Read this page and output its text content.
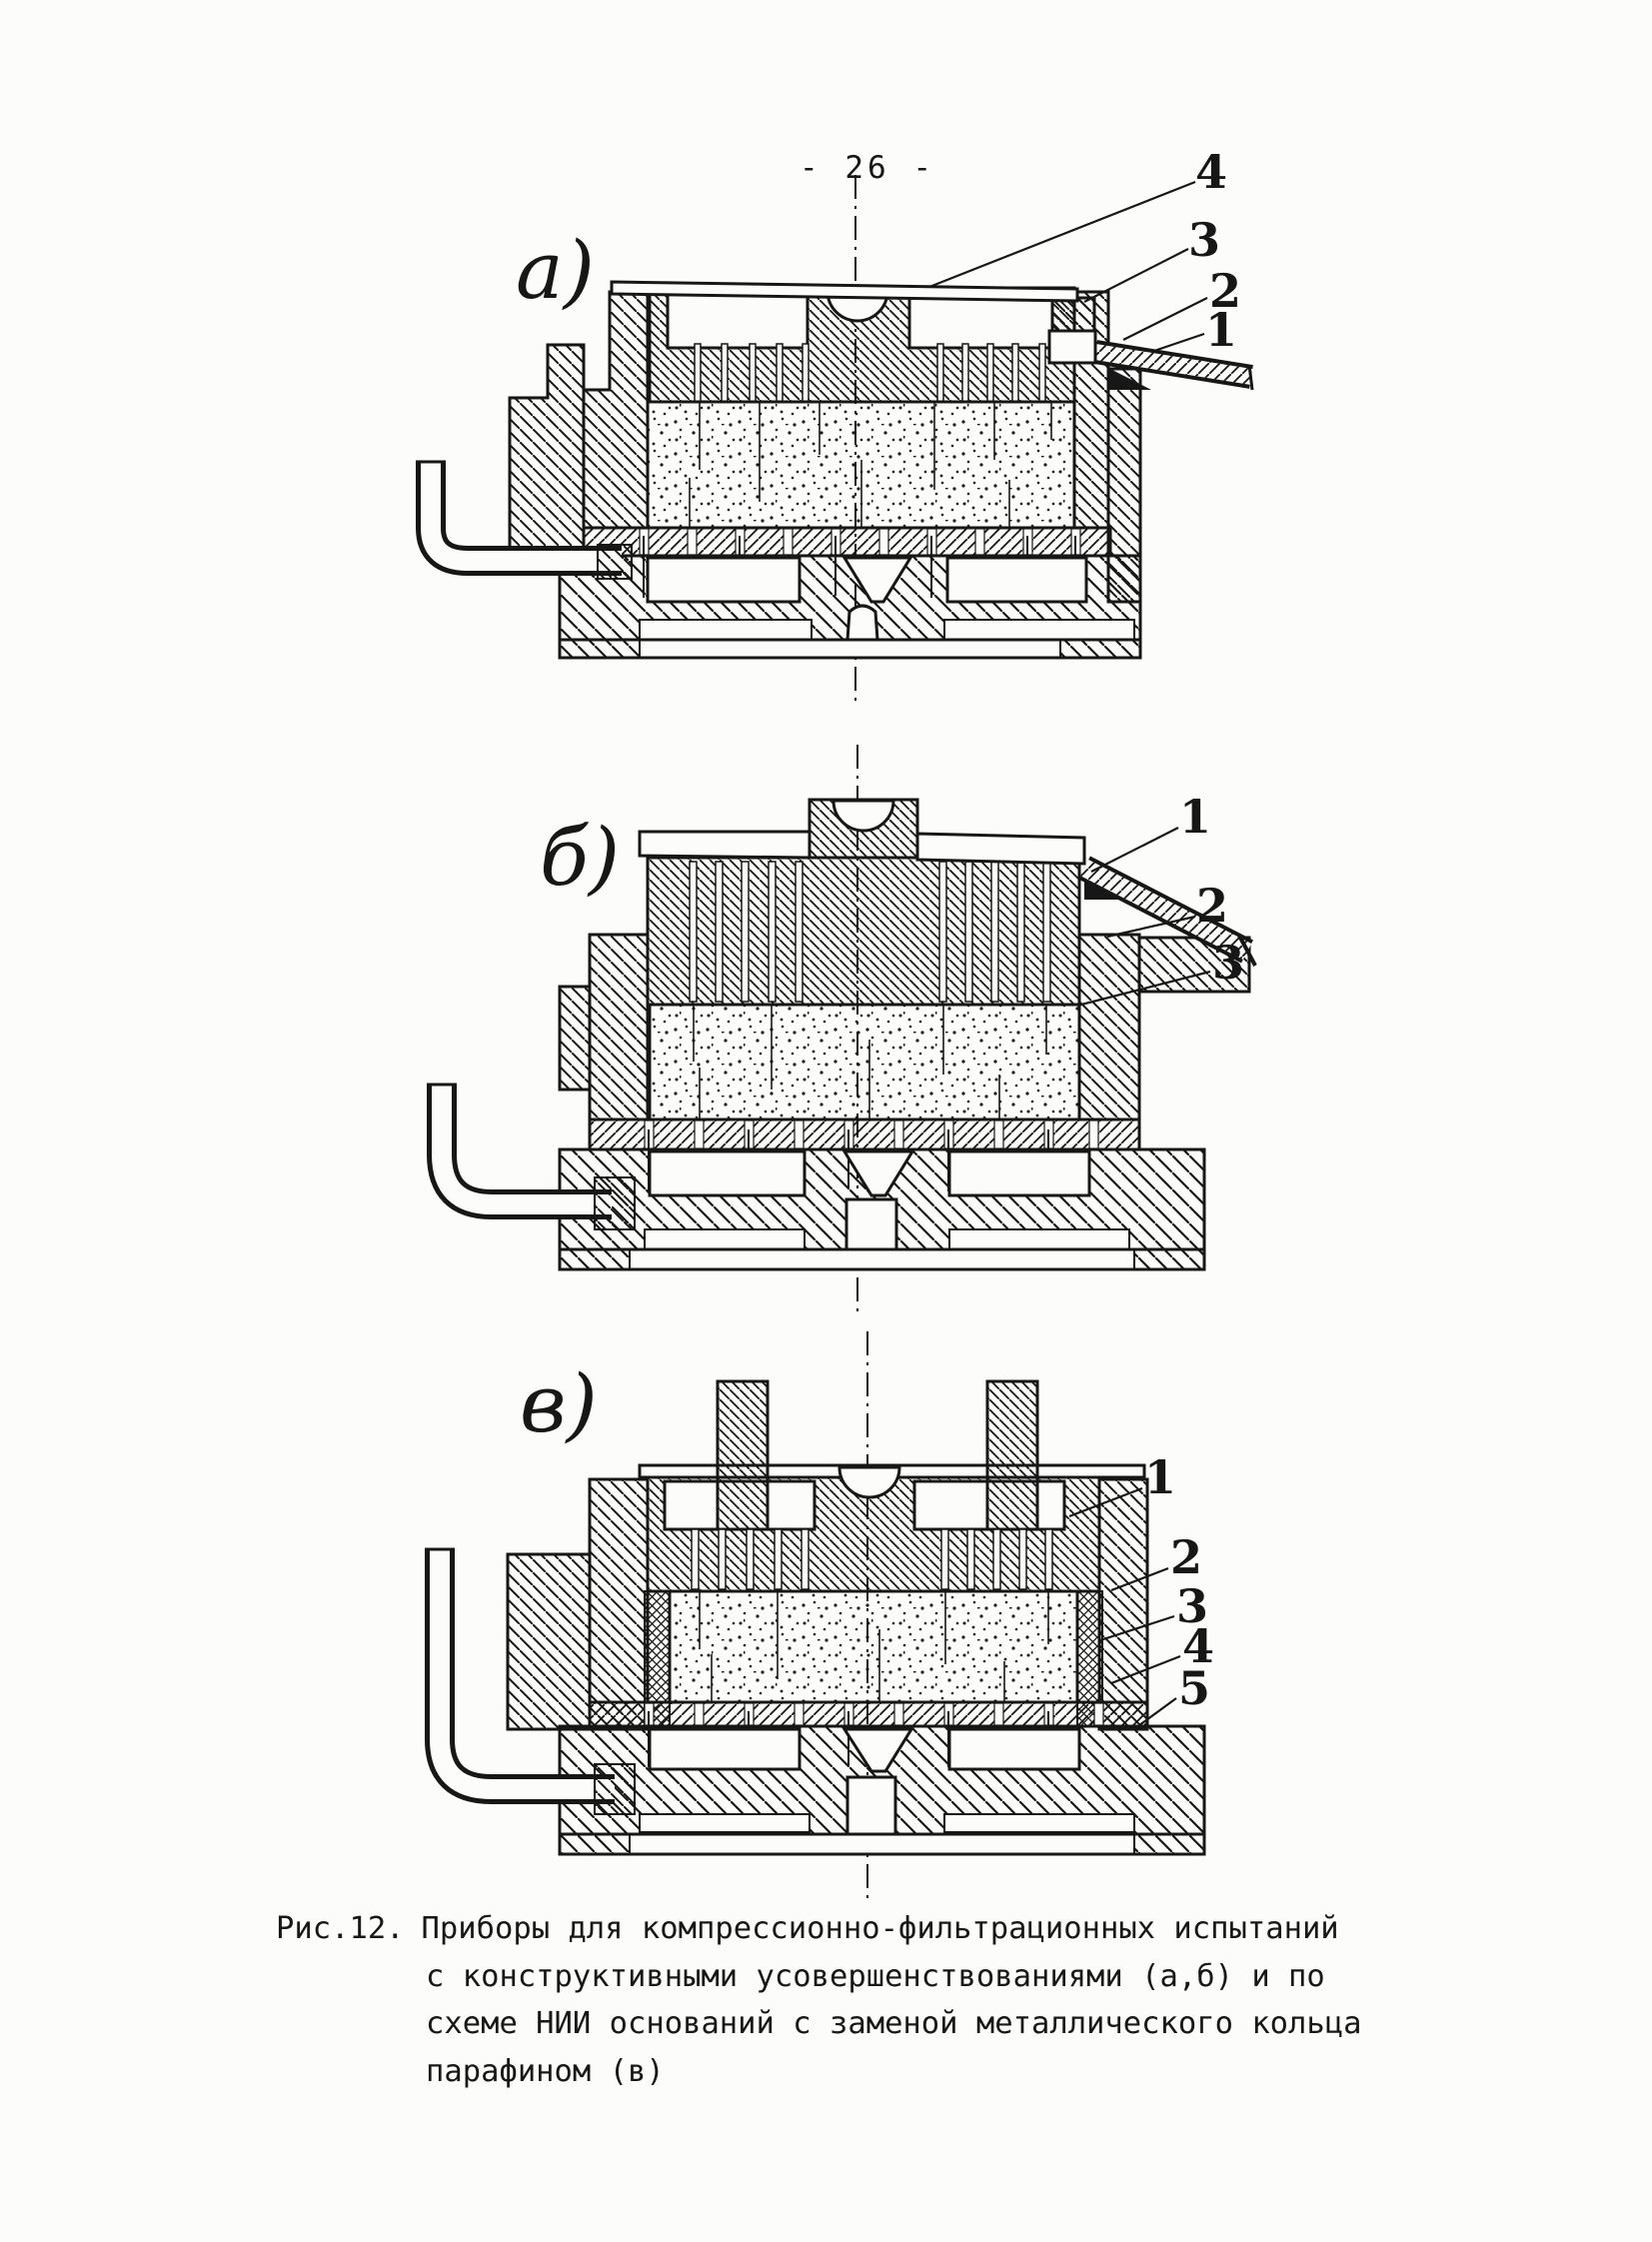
- 26 -
а)
4
3
2
1
б)	1
2
3
в)
1
2
3
4
5
Рис.12. Приборы для компрессионно-фильтрационных испытаний
с конструктивными усовершенствованиями (а,б) и по
схеме НИИ оснований с заменой металлического кольца
парафином (в)
